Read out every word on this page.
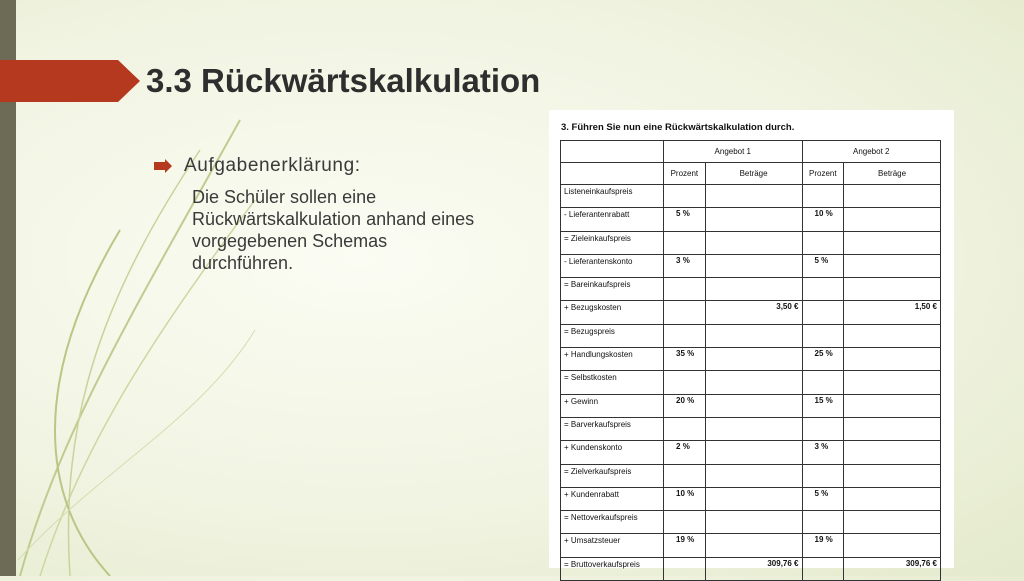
3.3 Rückwärtskalkulation
Aufgabenerklärung:

Die Schüler sollen eine Rückwärtskalkulation anhand eines vorgegebenen Schemas durchführen.

3. Führen Sie nun eine Rückwärtskalkulation durch.
	Angebot 1		Angebot 2	
	Prozent	Beträge	Prozent	Beträge
Listeneinkaufspreis				
- Lieferantenrabatt	5 %		10 %	
= Zieleinkaufspreis				
- Lieferantenskonto	3 %		5 %	
= Bareinkaufspreis				
+ Bezugskosten		3,50 €		1,50 €
= Bezugspreis				
+ Handlungskosten	35 %		25 %	
= Selbstkosten				
+ Gewinn	20 %		15 %	
= Barverkaufspreis				
+ Kundenskonto	2 %		3 %	
= Zielverkaufspreis				
+ Kundenrabatt	10 %		5 %	
= Nettoverkaufspreis				
+ Umsatzsteuer	19 %		19 %	
= Bruttoverkaufspreis		309,76 €		309,76 €
